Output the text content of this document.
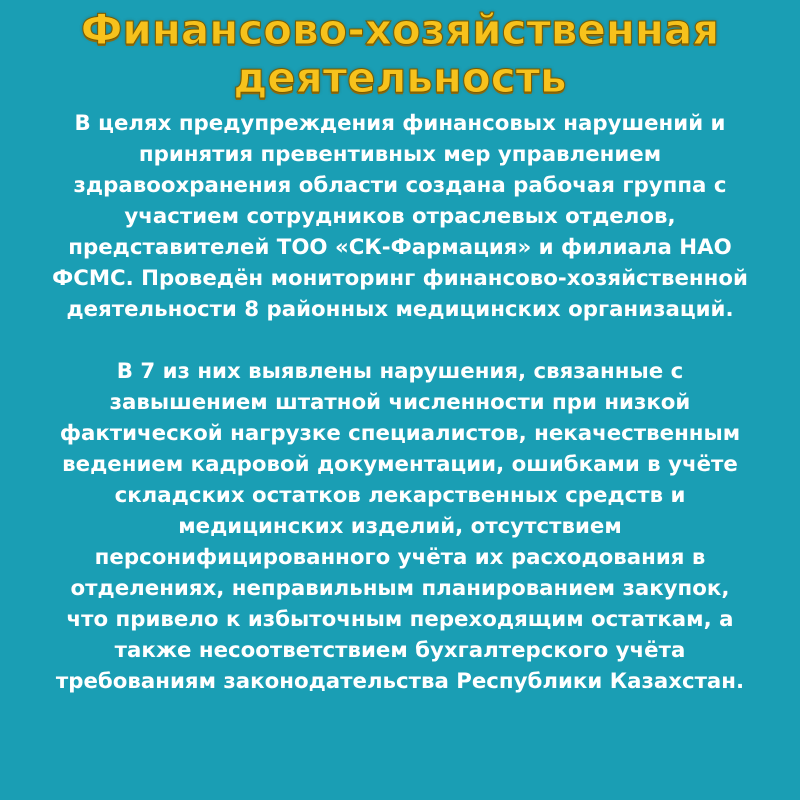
Финансово-хозяйственная
деятельность

В целях предупреждения финансовых нарушений и
принятия превентивных мер управлением
здравоохранения области создана рабочая группа с
участием сотрудников отраслевых отделов,
представителей ТОО «СК-Фармация» и филиала НАО
ФСМС. Проведён мониторинг финансово-хозяйственной
деятельности 8 районных медицинских организаций.

В 7 из них выявлены нарушения, связанные с
завышением штатной численности при низкой
фактической нагрузке специалистов, некачественным
ведением кадровой документации, ошибками в учёте
складских остатков лекарственных средств и
медицинских изделий, отсутствием
персонифицированного учёта их расходования в
отделениях, неправильным планированием закупок,
что привело к избыточным переходящим остаткам, а
также несоответствием бухгалтерского учёта
требованиям законодательства Республики Казахстан.
